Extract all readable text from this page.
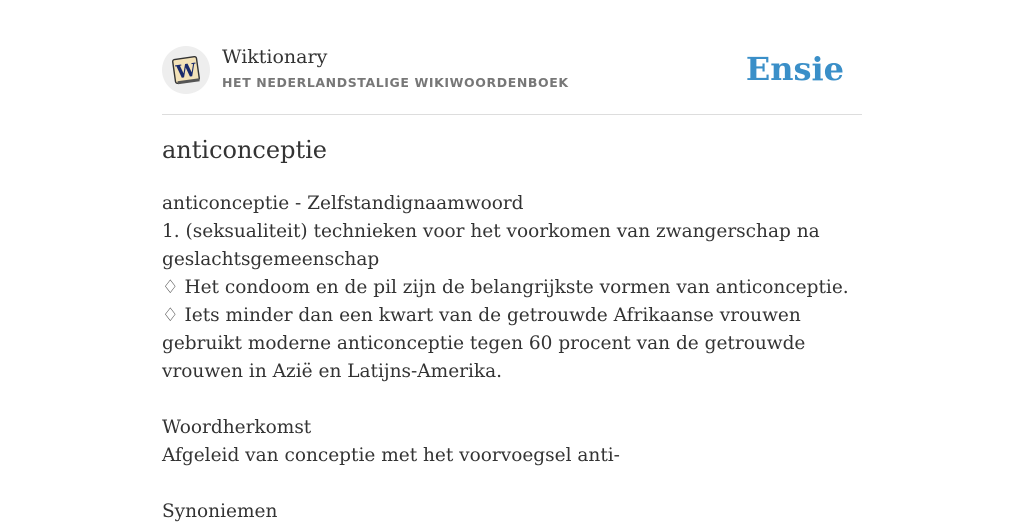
W
Wiktionary
HET NEDERLANDSTALIGE WIKIWOORDENBOEK	Ensie
anticonceptie

anticonceptie - Zelfstandignaamwoord

1. (seksualiteit) technieken voor het voorkomen van zwangerschap na geslachtsgemeenschap

♢ Het condoom en de pil zijn de belangrijkste vormen van anticonceptie.

♢ Iets minder dan een kwart van de getrouwde Afrikaanse vrouwen gebruikt moderne anticonceptie tegen 60 procent van de getrouwde vrouwen in Azië en Latijns-Amerika.

Woordherkomst

Afgeleid van conceptie met het voorvoegsel anti-

Synoniemen
